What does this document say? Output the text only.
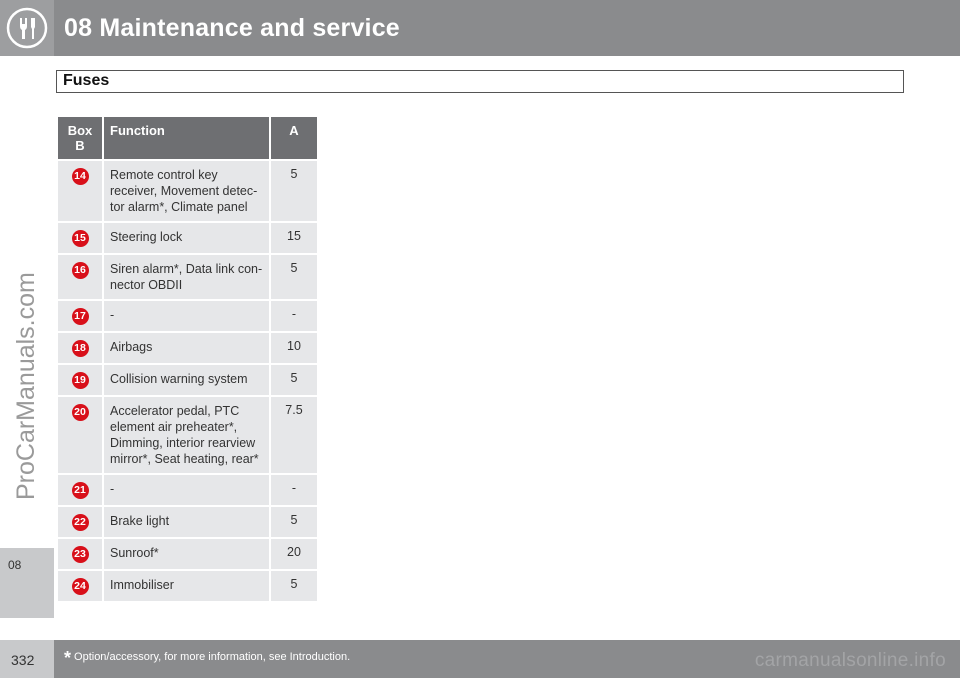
08 Maintenance and service
ProCarManuals.com
08
Fuses
Box B	Function	A
14	Remote control key receiver, Movement detec-tor alarm*, Climate panel	5
15	Steering lock	15
16	Siren alarm*, Data link con-nector OBDII	5
17	-	-
18	Airbags	10
19	Collision warning system	5
20	Accelerator pedal, PTC element air preheater*, Dimming, interior rearview mirror*, Seat heating, rear*	7.5
21	-	-
22	Brake light	5
23	Sunroof*	20
24	Immobiliser	5
332 * Option/accessory, for more information, see Introduction.	carmanualsonline.info
